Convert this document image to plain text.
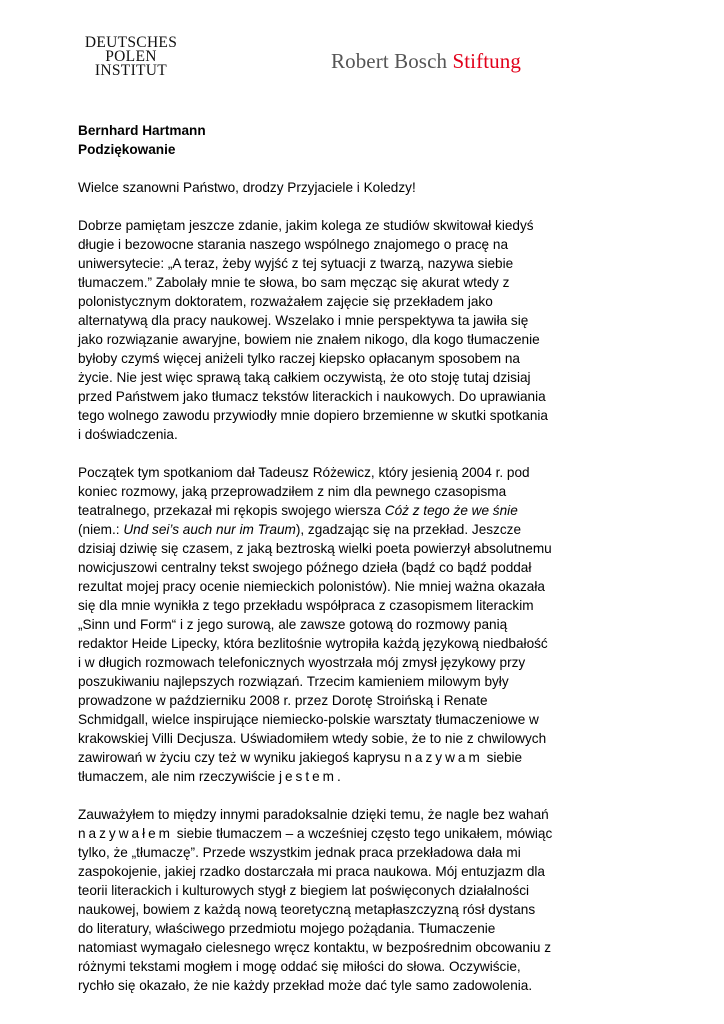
DEUTSCHES
POLEN
INSTITUT	Robert Bosch Stiftung

Bernhard Hartmann

Podziękowanie

Wielce szanowni Państwo, drodzy Przyjaciele i Koledzy!

Dobrze pamiętam jeszcze zdanie, jakim kolega ze studiów skwitował kiedyś
długie i bezowocne starania naszego wspólnego znajomego o pracę na
uniwersytecie: „A teraz, żeby wyjść z tej sytuacji z twarzą, nazywa siebie
tłumaczem.” Zabolały mnie te słowa, bo sam męcząc się akurat wtedy z
polonistycznym doktoratem, rozważałem zajęcie się przekładem jako
alternatywą dla pracy naukowej. Wszelako i mnie perspektywa ta jawiła się
jako rozwiązanie awaryjne, bowiem nie znałem nikogo, dla kogo tłumaczenie
byłoby czymś więcej aniżeli tylko raczej kiepsko opłacanym sposobem na
życie. Nie jest więc sprawą taką całkiem oczywistą, że oto stoję tutaj dzisiaj
przed Państwem jako tłumacz tekstów literackich i naukowych. Do uprawiania
tego wolnego zawodu przywiodły mnie dopiero brzemienne w skutki spotkania
i doświadczenia.

Początek tym spotkaniom dał Tadeusz Różewicz, który jesienią 2004 r. pod
koniec rozmowy, jaką przeprowadziłem z nim dla pewnego czasopisma
teatralnego, przekazał mi rękopis swojego wiersza Cóż z tego że we śnie
(niem.: Und sei’s auch nur im Traum), zgadzając się na przekład. Jeszcze
dzisiaj dziwię się czasem, z jaką beztroską wielki poeta powierzył absolutnemu
nowicjuszowi centralny tekst swojego późnego dzieła (bądź co bądź poddał
rezultat mojej pracy ocenie niemieckich polonistów). Nie mniej ważna okazała
się dla mnie wynikła z tego przekładu współpraca z czasopismem literackim
„Sinn und Form“ i z jego surową, ale zawsze gotową do rozmowy panią
redaktor Heide Lipecky, która bezlitośnie wytropiła każdą językową niedbałość
i w długich rozmowach telefonicznych wyostrzała mój zmysł językowy przy
poszukiwaniu najlepszych rozwiązań. Trzecim kamieniem milowym były
prowadzone w październiku 2008 r. przez Dorotę Stroińską i Renate
Schmidgall, wielce inspirujące niemiecko-polskie warsztaty tłumaczeniowe w
krakowskiej Villi Decjusza. Uświadomiłem wtedy sobie, że to nie z chwilowych
zawirowań w życiu czy też w wyniku jakiegoś kaprysu nazywam siebie
tłumaczem, ale nim rzeczywiście jestem.

Zauważyłem to między innymi paradoksalnie dzięki temu, że nagle bez wahań
nazywałem siebie tłumaczem – a wcześniej często tego unikałem, mówiąc
tylko, że „tłumaczę”. Przede wszystkim jednak praca przekładowa dała mi
zaspokojenie, jakiej rzadko dostarczała mi praca naukowa. Mój entuzjazm dla
teorii literackich i kulturowych stygł z biegiem lat poświęconych działalności
naukowej, bowiem z każdą nową teoretyczną metapłaszczyzną rósł dystans
do literatury, właściwego przedmiotu mojego pożądania. Tłumaczenie
natomiast wymagało cielesnego wręcz kontaktu, w bezpośrednim obcowaniu z
różnymi tekstami mogłem i mogę oddać się miłości do słowa. Oczywiście,
rychło się okazało, że nie każdy przekład może dać tyle samo zadowolenia.
